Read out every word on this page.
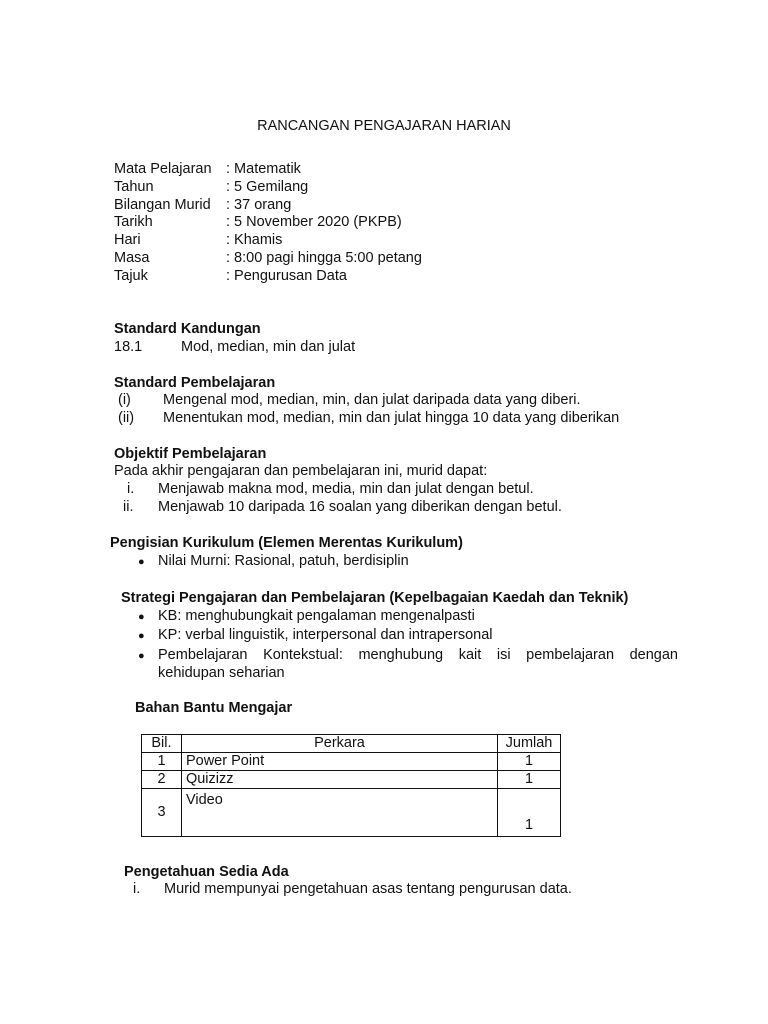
RANCANGAN PENGAJARAN HARIAN
Mata Pelajaran : Matematik
Tahun	: 5 Gemilang
Bilangan Murid : 37 orang
Tarikh	: 5 November 2020 (PKPB)
Hari	: Khamis
Masa	: 8:00 pagi hingga 5:00 petang
Tajuk	: Pengurusan Data
Standard Kandungan
18.1	Mod, median, min dan julat
Standard Pembelajaran
(i) Mengenal mod, median, min, dan julat daripada data yang diberi.
(ii) Menentukan mod, median, min dan julat hingga 10 data yang diberikan
Objektif Pembelajaran
Pada akhir pengajaran dan pembelajaran ini, murid dapat:
i. Menjawab makna mod, media, min dan julat dengan betul.
ii. Menjawab 10 daripada 16 soalan yang diberikan dengan betul.
Pengisian Kurikulum (Elemen Merentas Kurikulum)
● Nilai Murni: Rasional, patuh, berdisiplin
Strategi Pengajaran dan Pembelajaran (Kepelbagaian Kaedah dan Teknik)
● KB: menghubungkait pengalaman mengenalpasti
● KP: verbal linguistik, interpersonal dan intrapersonal
● Pembelajaran Kontekstual: menghubung kait isi pembelajaran dengan
kehidupan seharian
Bahan Bantu Mengajar
Bil.	Perkara	Jumlah
1	Power Point	1
2	Quizizz	1
3	Video	1
Pengetahuan Sedia Ada
i. Murid mempunyai pengetahuan asas tentang pengurusan data.
